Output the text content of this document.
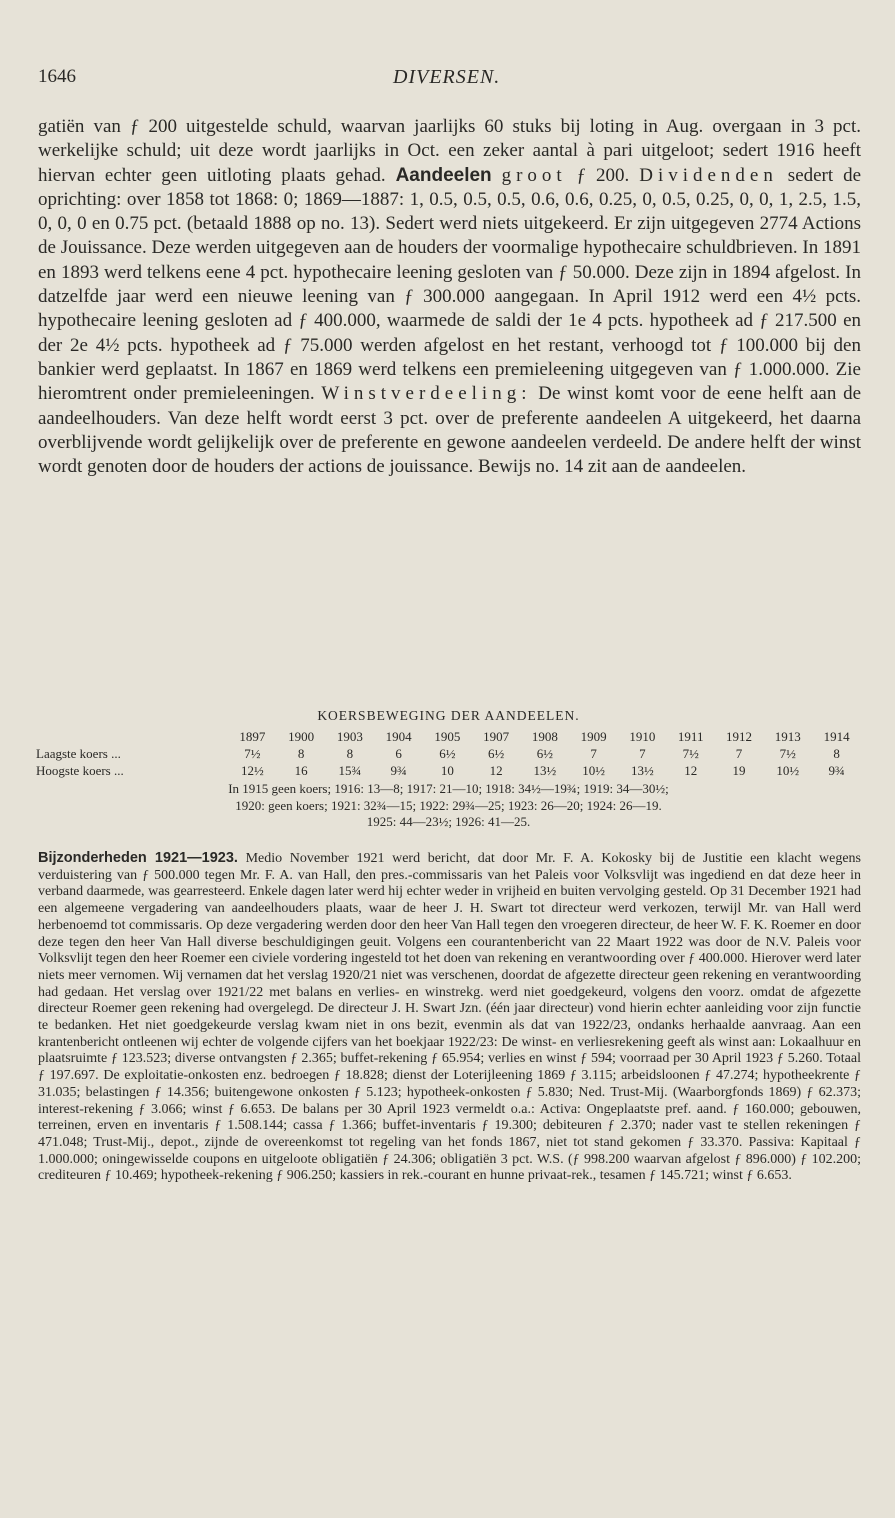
1646	DIVERSEN.

gatiën van ƒ 200 uitgestelde schuld, waarvan jaarlijks 60 stuks bij loting in Aug. overgaan in 3 pct. werkelijke schuld; uit deze wordt jaarlijks in Oct. een zeker aantal à pari uitgeloot; sedert 1916 heeft hiervan echter geen uitloting plaats gehad. Aandeelen groot ƒ 200. Dividenden sedert de oprichting: over 1858 tot 1868: 0; 1869—1887: 1, 0.5, 0.5, 0.5, 0.6, 0.6, 0.25, 0, 0.5, 0.25, 0, 0, 1, 2.5, 1.5, 0, 0, 0 en 0.75 pct. (betaald 1888 op no. 13). Sedert werd niets uitgekeerd. Er zijn uitgegeven 2774 Actions de Jouissance. Deze werden uitgegeven aan de houders der voormalige hypothecaire schuldbrieven. In 1891 en 1893 werd telkens eene 4 pct. hypothecaire leening gesloten van ƒ 50.000. Deze zijn in 1894 afgelost. In datzelfde jaar werd een nieuwe leening van ƒ 300.000 aangegaan. In April 1912 werd een 4½ pcts. hypothecaire leening gesloten ad ƒ 400.000, waarmede de saldi der 1e 4 pcts. hypotheek ad ƒ 217.500 en der 2e 4½ pcts. hypotheek ad ƒ 75.000 werden afgelost en het restant, verhoogd tot ƒ 100.000 bij den bankier werd geplaatst. In 1867 en 1869 werd telkens een premieleening uitgegeven van ƒ 1.000.000. Zie hieromtrent onder premieleeningen. Winstverdeeling: De winst komt voor de eene helft aan de aandeelhouders. Van deze helft wordt eerst 3 pct. over de preferente aandeelen A uitgekeerd, het daarna overblijvende wordt gelijkelijk over de preferente en gewone aandeelen verdeeld. De andere helft der winst wordt genoten door de houders der actions de jouissance. Bewijs no. 14 zit aan de aandeelen.

KOERSBEWEGING DER AANDEELEN.
	1897	1900	1903	1904	1905	1907	1908	1909	1910	1911	1912	1913	1914
Laagste koers ...	7½	8	8	6	6½	6½	6½	7	7	7½	7	7½	8
Hoogste koers ...	12½	16	15¾	9¾	10	12	13½	10½	13½	12	19	10½	9¾

In 1915 geen koers; 1916: 13—8; 1917: 21—10; 1918: 34½—19¾; 1919: 34—30½;

1920: geen koers; 1921: 32¾—15; 1922: 29¾—25; 1923: 26—20; 1924: 26—19.

1925: 44—23½; 1926: 41—25.

Bijzonderheden 1921—1923. Medio November 1921 werd bericht, dat door Mr. F. A. Kokosky bij de Justitie een klacht wegens verduistering van ƒ 500.000 tegen Mr. F. A. van Hall, den pres.-commissaris van het Paleis voor Volksvlijt was ingediend en dat deze heer in verband daarmede, was gearresteerd. Enkele dagen later werd hij echter weder in vrijheid en buiten vervolging gesteld. Op 31 December 1921 had een algemeene vergadering van aandeelhouders plaats, waar de heer J. H. Swart tot directeur werd verkozen, terwijl Mr. van Hall werd herbenoemd tot commissaris. Op deze vergadering werden door den heer Van Hall tegen den vroegeren directeur, de heer W. F. K. Roemer en door deze tegen den heer Van Hall diverse beschuldigingen geuit. Volgens een courantenbericht van 22 Maart 1922 was door de N.V. Paleis voor Volksvlijt tegen den heer Roemer een civiele vordering ingesteld tot het doen van rekening en verantwoording over ƒ 400.000. Hierover werd later niets meer vernomen. Wij vernamen dat het verslag 1920/21 niet was verschenen, doordat de afgezette directeur geen rekening en verantwoording had gedaan. Het verslag over 1921/22 met balans en verlies- en winstrekg. werd niet goedgekeurd, volgens den voorz. omdat de afgezette directeur Roemer geen rekening had overgelegd. De directeur J. H. Swart Jzn. (één jaar directeur) vond hierin echter aanleiding voor zijn functie te bedanken. Het niet goedgekeurde verslag kwam niet in ons bezit, evenmin als dat van 1922/23, ondanks herhaalde aanvraag. Aan een krantenbericht ontleenen wij echter de volgende cijfers van het boekjaar 1922/23: De winst- en verliesrekening geeft als winst aan: Lokaalhuur en plaatsruimte ƒ 123.523; diverse ontvangsten ƒ 2.365; buffet-rekening ƒ 65.954; verlies en winst ƒ 594; voorraad per 30 April 1923 ƒ 5.260. Totaal ƒ 197.697. De exploitatie-onkosten enz. bedroegen ƒ 18.828; dienst der Loterijleening 1869 ƒ 3.115; arbeidsloonen ƒ 47.274; hypotheekrente ƒ 31.035; belastingen ƒ 14.356; buitengewone onkosten ƒ 5.123; hypotheek-onkosten ƒ 5.830; Ned. Trust-Mij. (Waarborgfonds 1869) ƒ 62.373; interest-rekening ƒ 3.066; winst ƒ 6.653. De balans per 30 April 1923 vermeldt o.a.: Activa: Ongeplaatste pref. aand. ƒ 160.000; gebouwen, terreinen, erven en inventaris ƒ 1.508.144; cassa ƒ 1.366; buffet-inventaris ƒ 19.300; debiteuren ƒ 2.370; nader vast te stellen rekeningen ƒ 471.048; Trust-Mij., depot., zijnde de overeenkomst tot regeling van het fonds 1867, niet tot stand gekomen ƒ 33.370. Passiva: Kapitaal ƒ 1.000.000; oningewisselde coupons en uitgeloote obligatiën ƒ 24.306; obligatiën 3 pct. W.S. (ƒ 998.200 waarvan afgelost ƒ 896.000) ƒ 102.200; crediteuren ƒ 10.469; hypotheek-rekening ƒ 906.250; kassiers in rek.-courant en hunne privaat-rek., tesamen ƒ 145.721; winst ƒ 6.653.
